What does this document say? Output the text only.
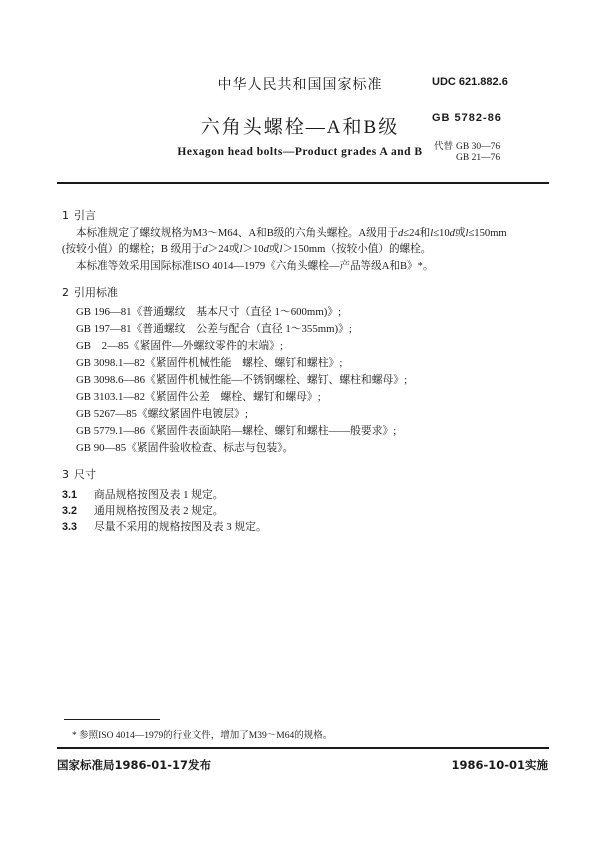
中华人民共和国国家标准	UDC 621.882.6
六角头螺栓—A和B级	GB 5782-86
Hexagon head bolts—Product grades A and B	代替 GB 30—76
GB 21—76
1 引言
本标准规定了螺纹规格为M3～M64、A和B级的六角头螺栓。A级用于d≤24和l≤10d或l≤150mm
(按较小值）的螺栓；B 级用于d＞24或l＞10d或l＞150mm（按较小值）的螺栓。
本标准等效采用国际标准ISO 4014—1979《六角头螺栓—产品等级A和B》*。
2 引用标准
GB 196—81《普通螺纹　基本尺寸（直径 1～600mm)》;
GB 197—81《普通螺纹　公差与配合（直径 1～355mm)》;
GB　2—85《紧固件—外螺纹零件的末端》;
GB 3098.1—82《紧固件机械性能　螺栓、螺钉和螺柱》;
GB 3098.6—86《紧固件机械性能—不锈钢螺栓、螺钉、螺柱和螺母》;
GB 3103.1—82《紧固件公差　螺栓、螺钉和螺母》;
GB 5267—85《螺纹紧固件电镀层》;
GB 5779.1—86《紧固件表面缺陷—螺栓、螺钉和螺柱——般要求》;
GB 90—85《紧固件验收检查、标志与包装》。
3 尺寸
3.1 商品规格按图及表 1 规定。
3.2 通用规格按图及表 2 规定。
3.3 尽量不采用的规格按图及表 3 规定。
* 参照ISO 4014—1979的行业文件，增加了M39～M64的规格。
国家标准局1986-01-17发布	1986-10-01实施
